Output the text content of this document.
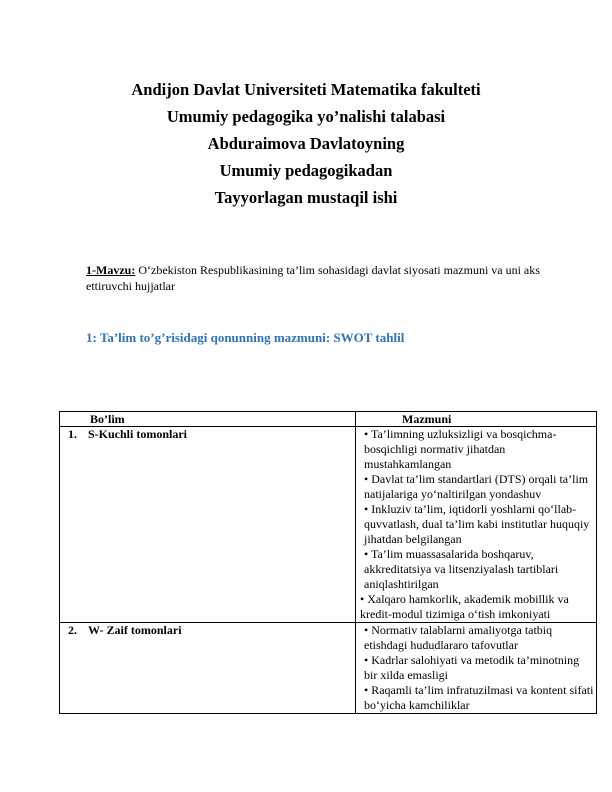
Andijon Davlat Universiteti Matematika fakulteti
Umumiy pedagogika yo’nalishi talabasi
Abduraimova Davlatoyning
Umumiy pedagogikadan
Tayyorlagan mustaqil ishi
1-Mavzu: O‘zbekiston Respublikasining ta’lim sohasidagi davlat siyosati mazmuni va uni aks ettiruvchi hujjatlar
1: Ta’lim to’g’risidagi qonunning mazmuni: SWOT tahlil
Bo’lim	Mazmuni
1. S-Kuchli tomonlari	• Ta’limning uzluksizligi va bosqichma-bosqichligi normativ jihatdan mustahkamlangan
• Davlat ta’lim standartlari (DTS) orqali ta’lim natijalariga yo‘naltirilgan yondashuv
• Inkluziv ta’lim, iqtidorli yoshlarni qo‘llab-quvvatlash, dual ta’lim kabi institutlar huquqiy jihatdan belgilangan
• Ta’lim muassasalarida boshqaruv, akkreditatsiya va litsenziyalash tartiblari aniqlashtirilgan
• Xalqaro hamkorlik, akademik mobillik va kredit-modul tizimiga o‘tish imkoniyati

2. W- Zaif tomonlari	• Normativ talablarni amaliyotga tatbiq etishdagi hududlararo tafovutlar
• Kadrlar salohiyati va metodik ta’minotning bir xilda emasligi
• Raqamli ta’lim infratuzilmasi va kontent sifati bo‘yicha kamchiliklar
